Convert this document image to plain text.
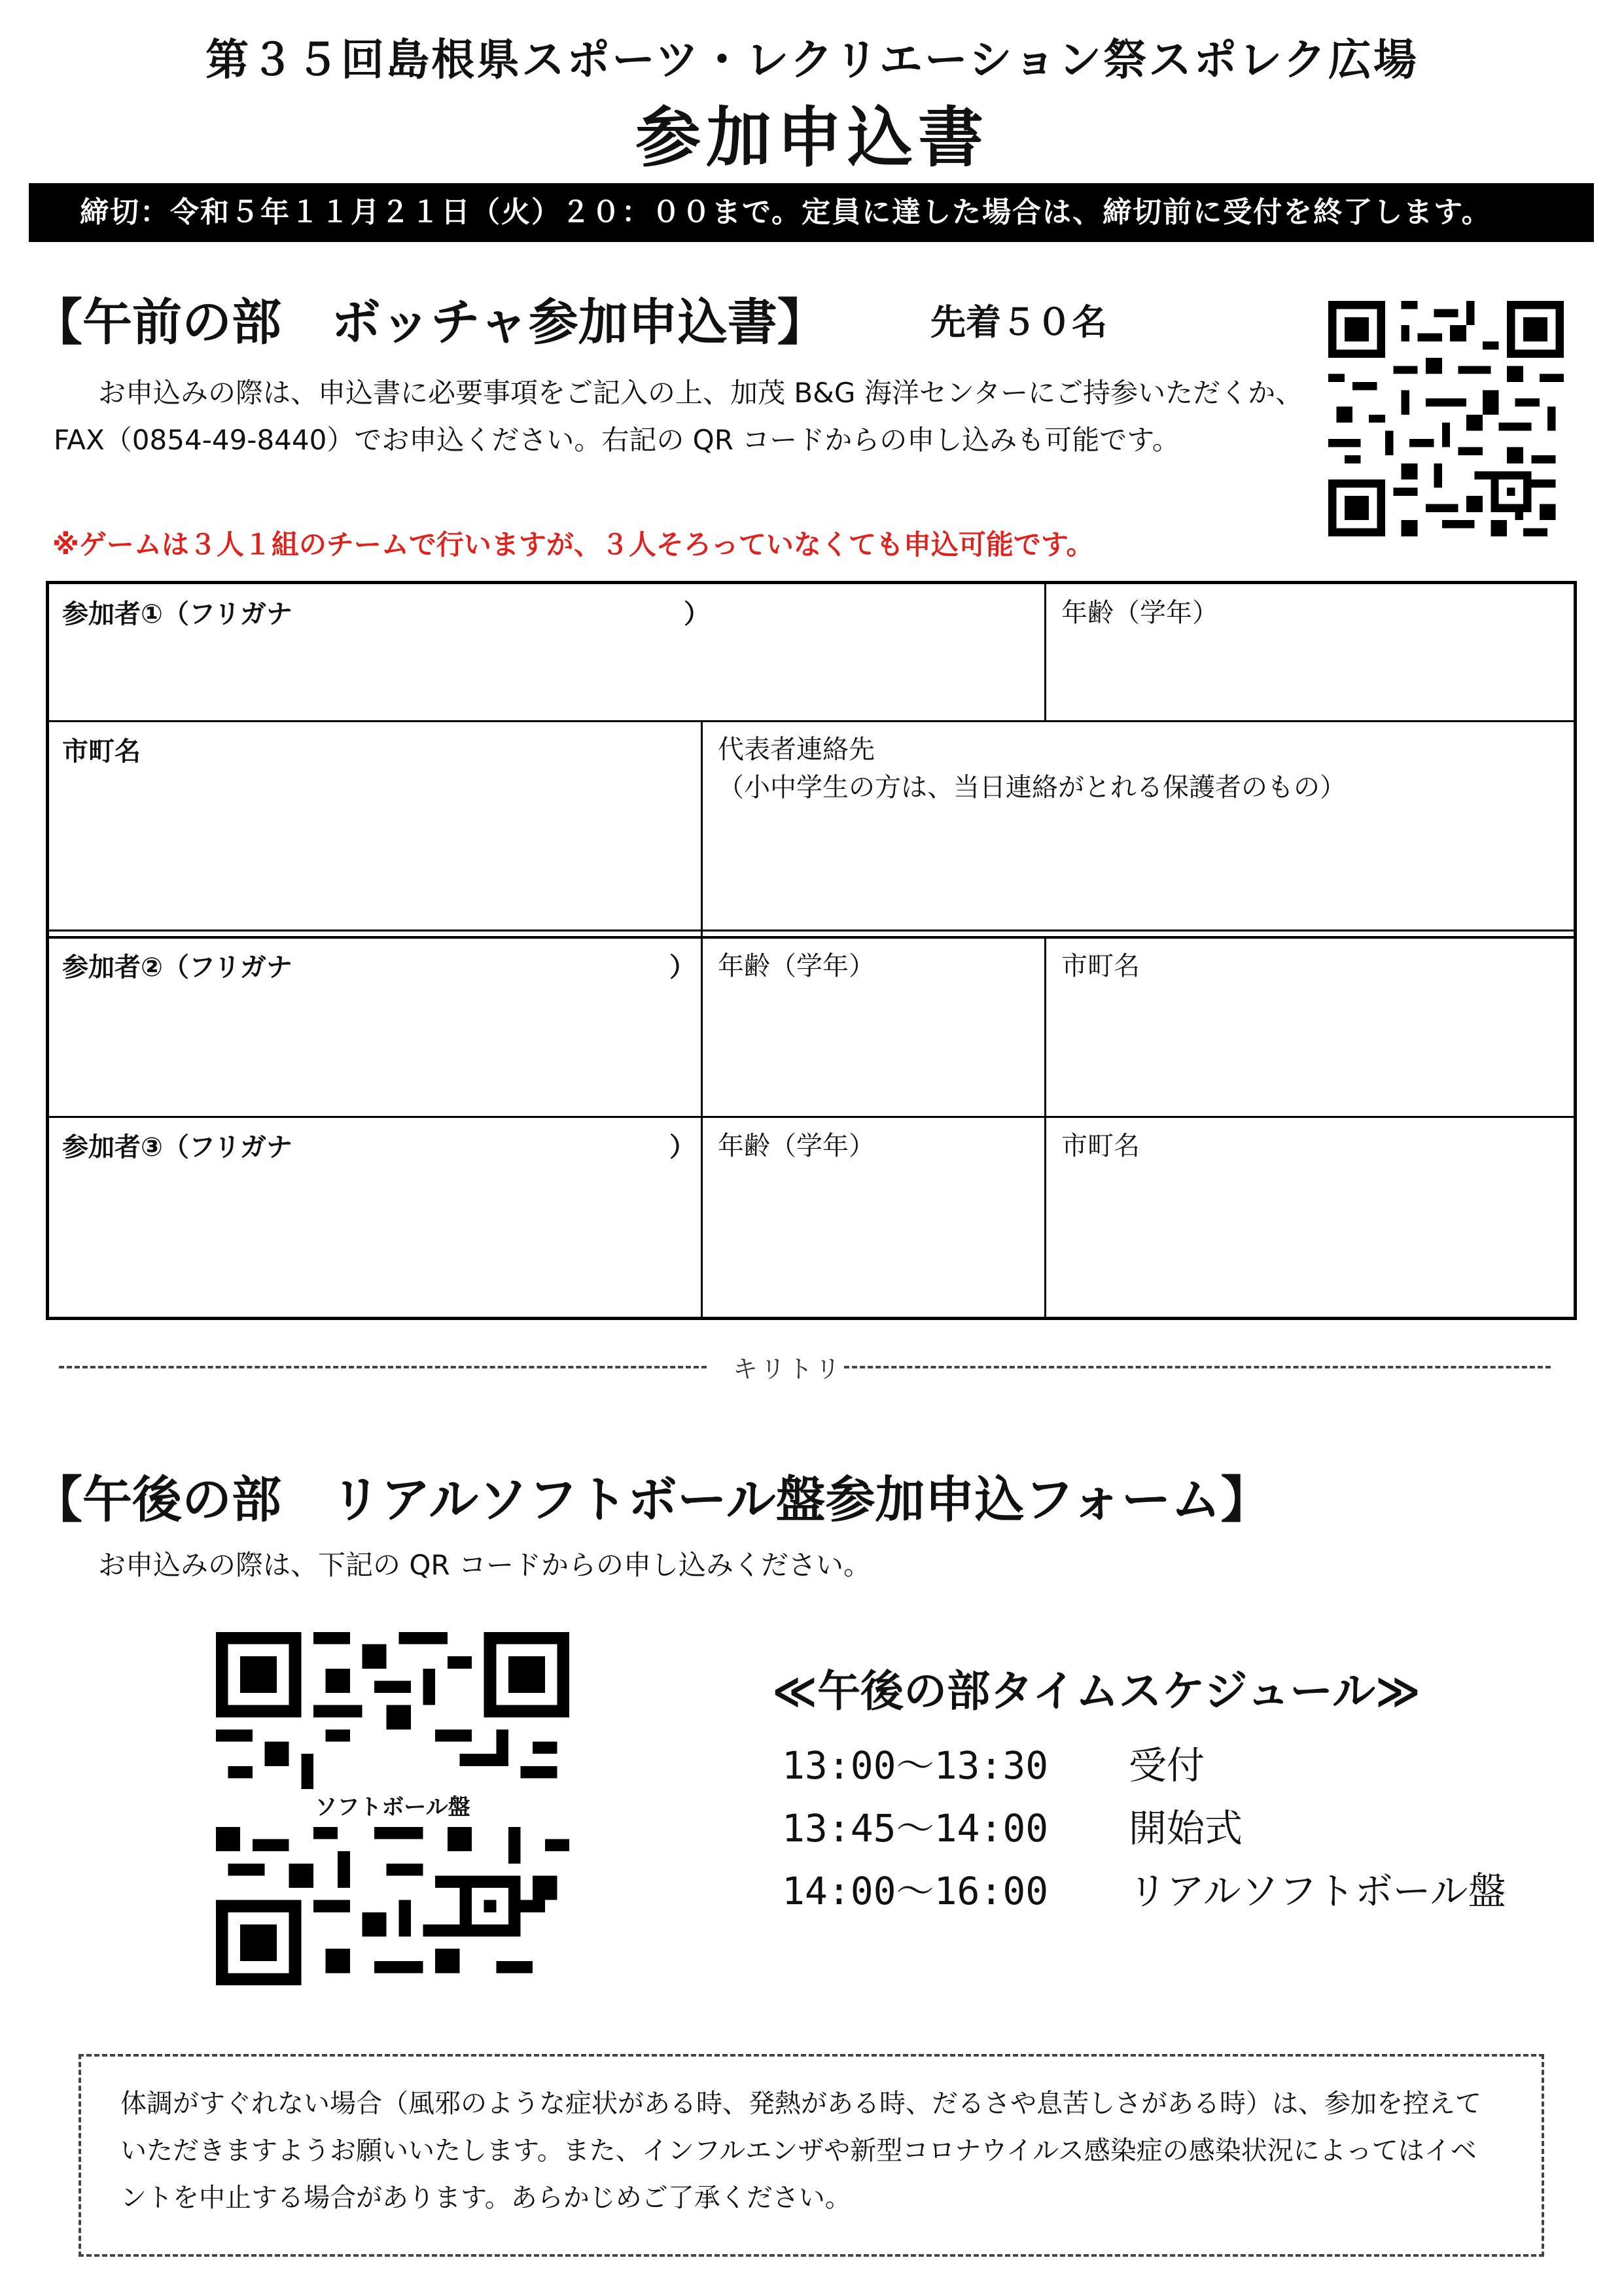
第３５回島根県スポーツ・レクリエーション祭スポレク広場
参加申込書
締切：令和５年１１月２１日（火）２０：００まで。定員に達した場合は、締切前に受付を終了します。
【午前の部　ボッチャ参加申込書】	先着５０名
お申込みの際は、申込書に必要事項をご記入の上、加茂 B&G 海洋センターにご持参いただくか、FAX（0854-49-8440）でお申込ください。右記の QR コードからの申し込みも可能です。
※ゲームは３人１組のチームで行いますが、３人そろっていなくても申込可能です。
参加者①（フリガナ	）	年齢（学年）
市町名	代表者連絡先
（小中学生の方は、当日連絡がとれる保護者のもの）
参加者②（フリガナ	） 年齢（学年）	市町名
参加者③（フリガナ	） 年齢（学年）	市町名
キリトリ
【午後の部　リアルソフトボール盤参加申込フォーム】
お申込みの際は、下記の QR コードからの申し込みください。
ソフトボール盤
≪午後の部タイムスケジュール≫
13:00〜13:30 受付
13:45〜14:00 開始式
14:00〜16:00 リアルソフトボール盤
体調がすぐれない場合（風邪のような症状がある時、発熱がある時、だるさや息苦しさがある時）は、参加を控えていただきますようお願いいたします。また、インフルエンザや新型コロナウイルス感染症の感染状況によってはイベントを中止する場合があります。あらかじめご了承ください。
